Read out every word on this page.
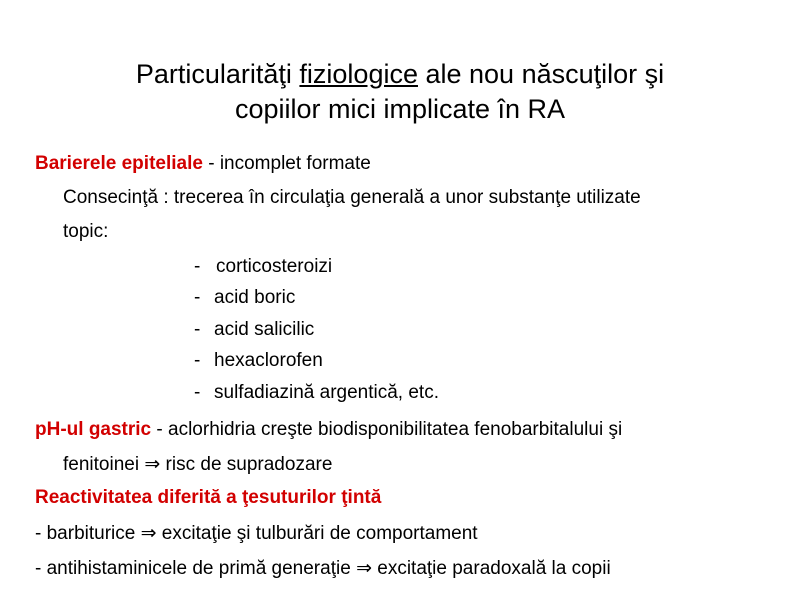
Particularităţi fiziologice ale nou născuţilor şi
copiilor mici implicate în RA
Barierele epiteliale - incomplet formate
Consecinţă : trecerea în circulaţia generală a unor substanţe utilizate
topic:
- corticosteroizi
- acid boric
- acid salicilic
- hexaclorofen
- sulfadiazină argentică, etc.
pH-ul gastric - aclorhidria creşte biodisponibilitatea fenobarbitalului şi
fenitoinei ⇒ risc de supradozare
Reactivitatea diferită a ţesuturilor ţintă
- barbiturice ⇒ excitaţie şi tulburări de comportament
- antihistaminicele de primă generaţie ⇒ excitaţie paradoxală la copii
